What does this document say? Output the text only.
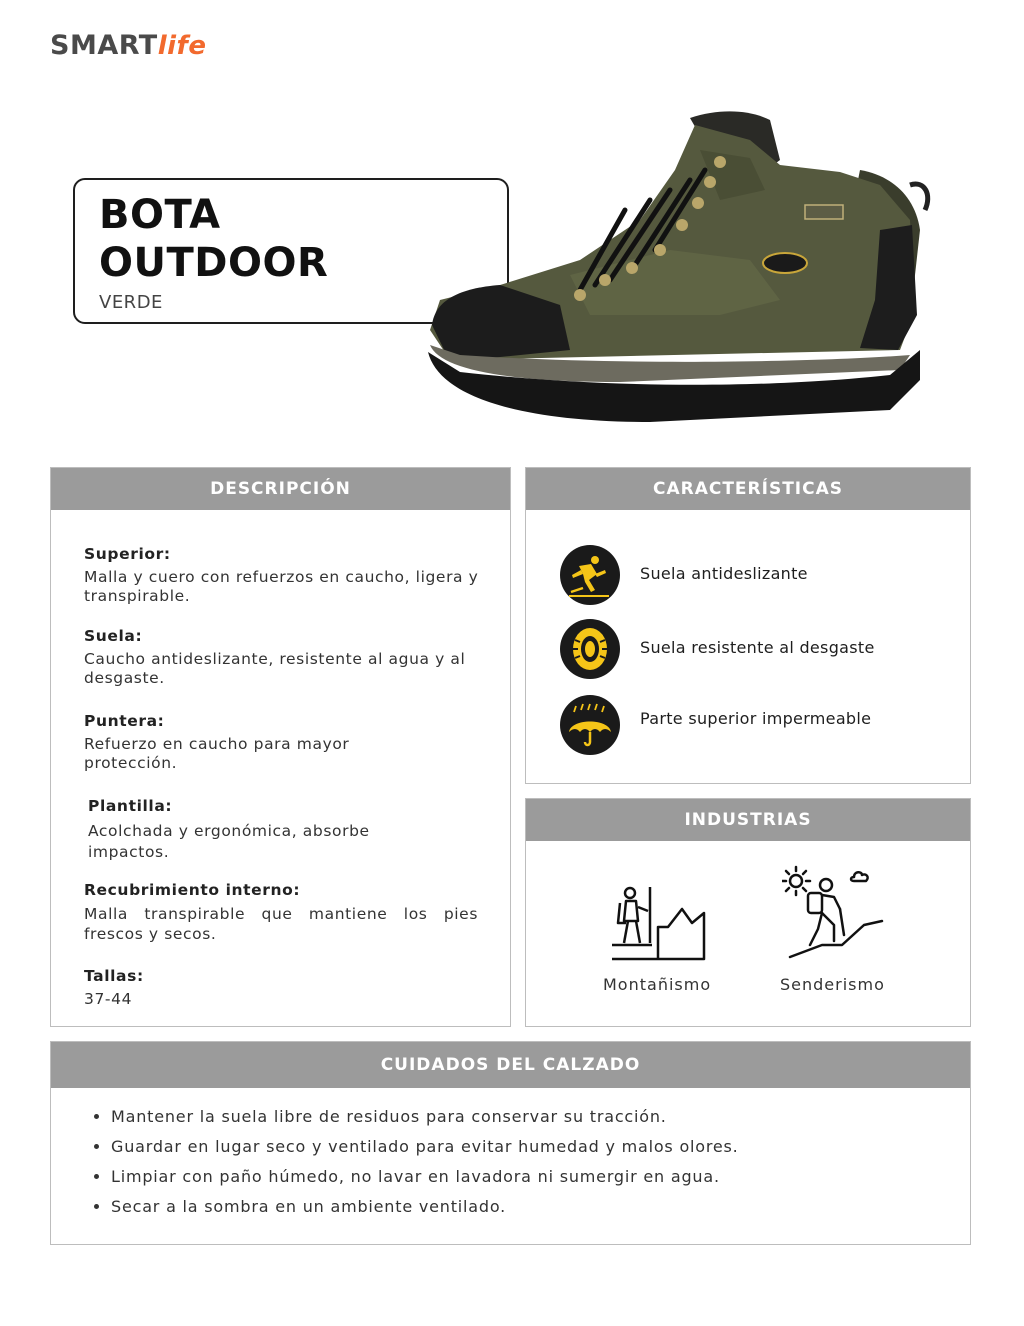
SMARTlife
BOTA
OUTDOOR
VERDE
DESCRIPCIÓN
Superior:
Malla y cuero con refuerzos en caucho, ligera y transpirable.
Suela:
Caucho antideslizante, resistente al agua y al desgaste.
Puntera:
Refuerzo en caucho para mayor protección.
Plantilla:
Acolchada y ergonómica, absorbe impactos.
Recubrimiento interno:
Malla transpirable que mantiene los pies frescos y secos.
Tallas:
37-44
CARACTERÍSTICAS
Suela antideslizante
Suela resistente al desgaste
Parte superior impermeable
INDUSTRIAS
Montañismo	Senderismo
CUIDADOS DEL CALZADO
• Mantener la suela libre de residuos para conservar su tracción.
• Guardar en lugar seco y ventilado para evitar humedad y malos olores.
• Limpiar con paño húmedo, no lavar en lavadora ni sumergir en agua.
• Secar a la sombra en un ambiente ventilado.
